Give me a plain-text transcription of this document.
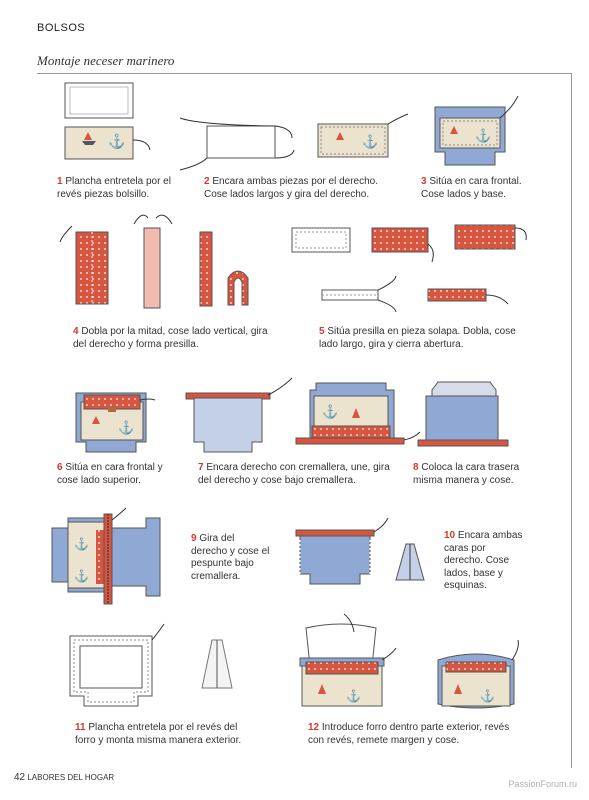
BOLSOS
Montaje neceser marinero
⚓	⚓	⚓
⚓
⚓
⚓
⚓
⚓	⚓
1 Plancha entretela por el revés piezas bolsillo.
2 Encara ambas piezas por el derecho. Cose lados largos y gira del derecho.
3 Sitúa en cara frontal. Cose lados y base.
4 Dobla por la mitad, cose lado vertical, gira del derecho y forma presilla.
5 Sitúa presilla en pieza solapa. Dobla, cose lado largo, gira y cierra abertura.
6 Sitúa en cara frontal y cose lado superior.
7 Encara derecho con cremallera, une, gira del derecho y cose bajo cremallera.
8 Coloca la cara trasera misma manera y cose.
9 Gira del derecho y cose el pespunte bajo cremallera.
10 Encara ambas caras por derecho. Cose lados, base y esquinas.
11 Plancha entretela por el revés del forro y monta misma manera exterior.
12 Introduce forro dentro parte exterior, revés con revés, remete margen y cose.
42 LABORES DEL HOGAR
PassionForum.ru
